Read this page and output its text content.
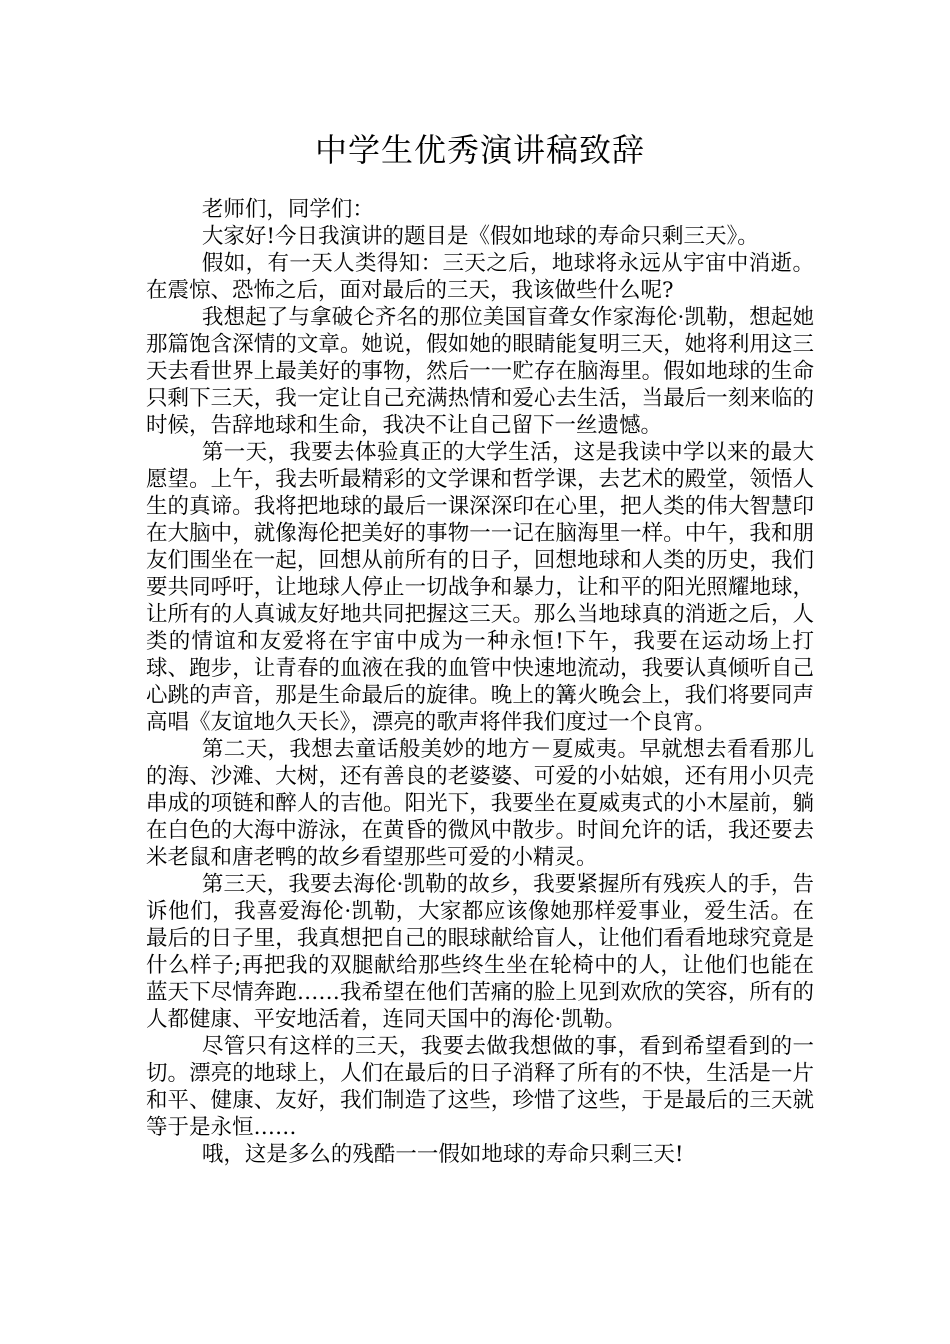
中学生优秀演讲稿致辞

老师们，同学们：

大家好!今日我演讲的题目是《假如地球的寿命只剩三天》。

假如，有一天人类得知：三天之后，地球将永远从宇宙中消逝。在震惊、恐怖之后，面对最后的三天，我该做些什么呢?

我想起了与拿破仑齐名的那位美国盲聋女作家海伦·凯勒，想起她那篇饱含深情的文章。她说，假如她的眼睛能复明三天，她将利用这三天去看世界上最美好的事物，然后一一贮存在脑海里。假如地球的生命只剩下三天，我一定让自己充满热情和爱心去生活，当最后一刻来临的时候，告辞地球和生命，我决不让自己留下一丝遗憾。

第一天，我要去体验真正的大学生活，这是我读中学以来的最大愿望。上午，我去听最精彩的文学课和哲学课，去艺术的殿堂，领悟人生的真谛。我将把地球的最后一课深深印在心里，把人类的伟大智慧印在大脑中，就像海伦把美好的事物一一记在脑海里一样。中午，我和朋友们围坐在一起，回想从前所有的日子，回想地球和人类的历史，我们要共同呼吁，让地球人停止一切战争和暴力，让和平的阳光照耀地球，让所有的人真诚友好地共同把握这三天。那么当地球真的消逝之后，人类的情谊和友爱将在宇宙中成为一种永恒!下午，我要在运动场上打球、跑步，让青春的血液在我的血管中快速地流动，我要认真倾听自己心跳的声音，那是生命最后的旋律。晚上的篝火晚会上，我们将要同声高唱《友谊地久天长》，漂亮的歌声将伴我们度过一个良宵。

第二天，我想去童话般美妙的地方－夏威夷。早就想去看看那儿的海、沙滩、大树，还有善良的老婆婆、可爱的小姑娘，还有用小贝壳串成的项链和醉人的吉他。阳光下，我要坐在夏威夷式的小木屋前，躺在白色的大海中游泳，在黄昏的微风中散步。时间允许的话，我还要去米老鼠和唐老鸭的故乡看望那些可爱的小精灵。

第三天，我要去海伦·凯勒的故乡，我要紧握所有残疾人的手，告诉他们，我喜爱海伦·凯勒，大家都应该像她那样爱事业，爱生活。在最后的日子里，我真想把自己的眼球献给盲人，让他们看看地球究竟是什么样子;再把我的双腿献给那些终生坐在轮椅中的人，让他们也能在蓝天下尽情奔跑……我希望在他们苦痛的脸上见到欢欣的笑容，所有的人都健康、平安地活着，连同天国中的海伦·凯勒。

尽管只有这样的三天，我要去做我想做的事，看到希望看到的一切。漂亮的地球上，人们在最后的日子消释了所有的不快，生活是一片和平、健康、友好，我们制造了这些，珍惜了这些，于是最后的三天就等于是永恒……

哦，这是多么的残酷一一假如地球的寿命只剩三天!
